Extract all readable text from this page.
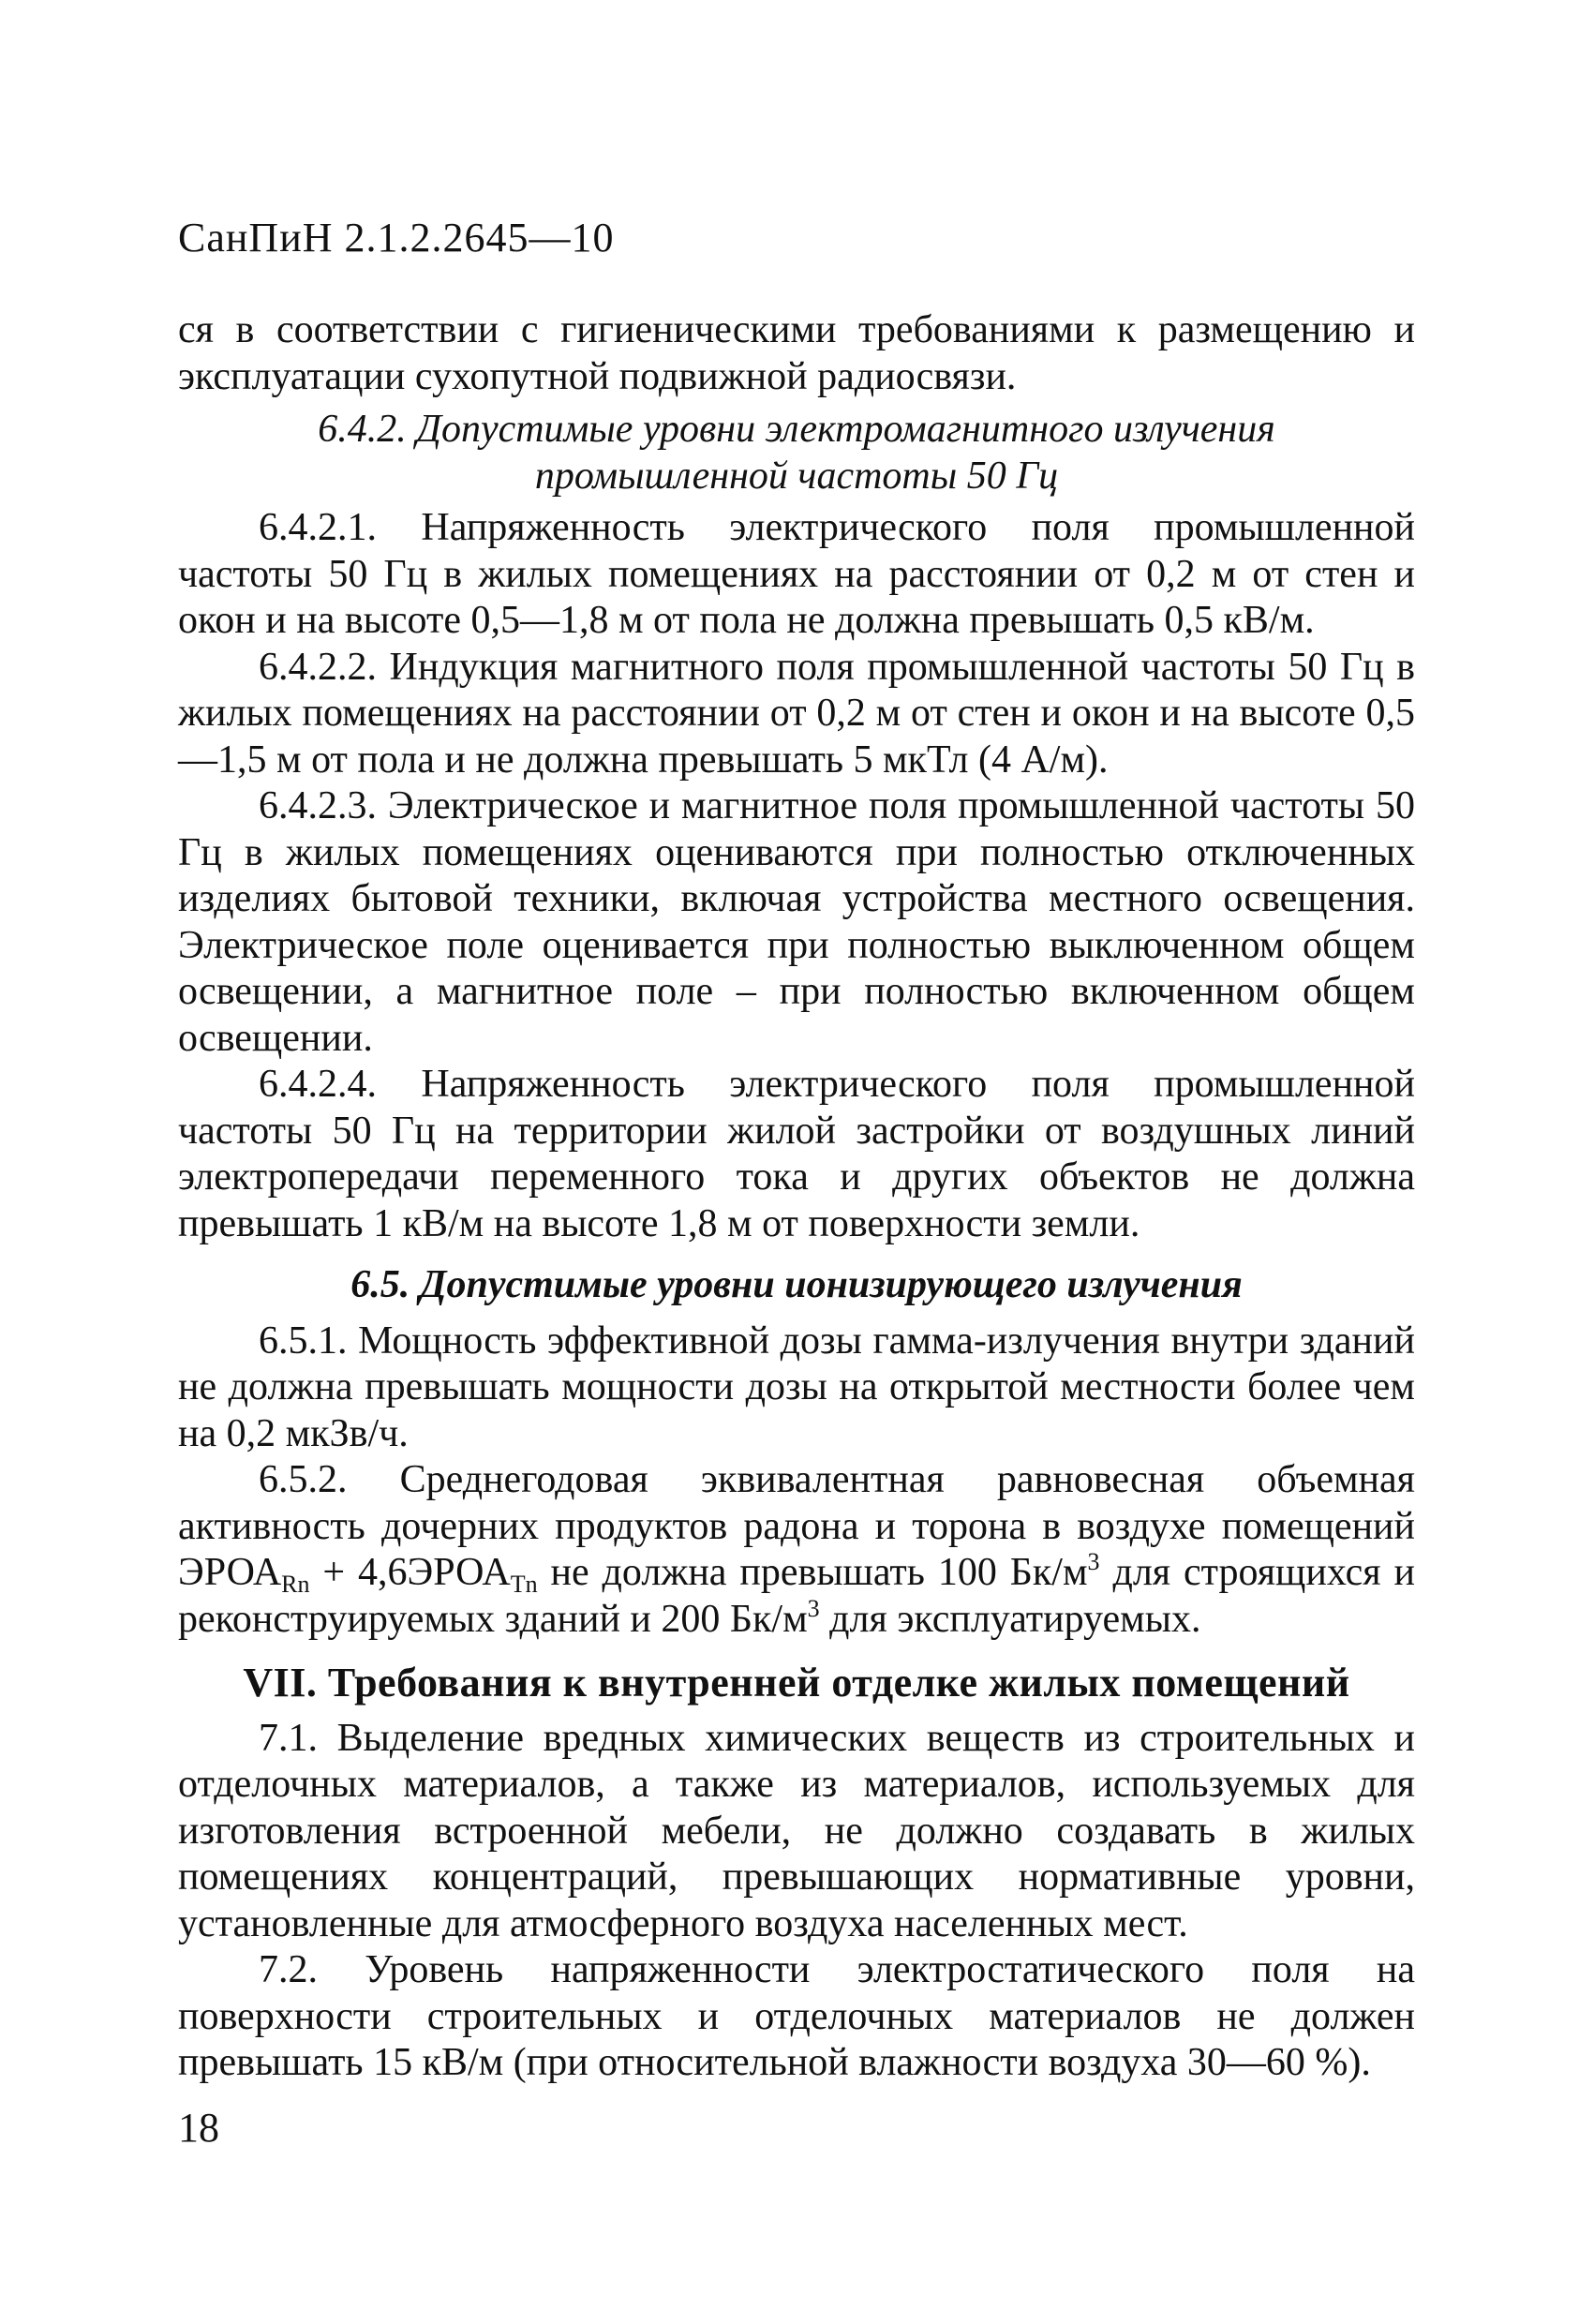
СанПиН 2.1.2.2645—10

ся в соответствии с гигиеническими требованиями к размещению и эксплуатации сухопутной подвижной радиосвязи.

6.4.2. Допустимые уровни электромагнитного излучения
промышленной частоты 50 Гц

6.4.2.1. Напряженность электрического поля промышленной частоты 50 Гц в жилых помещениях на расстоянии от 0,2 м от стен и окон и на высоте 0,5—1,8 м от пола не должна превышать 0,5 кВ/м.

6.4.2.2. Индукция магнитного поля промышленной частоты 50 Гц в жилых помещениях на расстоянии от 0,2 м от стен и окон и на высоте 0,5—1,5 м от пола и не должна превышать 5 мкТл (4 А/м).

6.4.2.3. Электрическое и магнитное поля промышленной частоты 50 Гц в жилых помещениях оцениваются при полностью отключенных изделиях бытовой техники, включая устройства местного освещения. Электрическое поле оценивается при полностью выключенном общем освещении, а магнитное поле – при полностью включенном общем освещении.

6.4.2.4. Напряженность электрического поля промышленной частоты 50 Гц на территории жилой застройки от воздушных линий электропередачи переменного тока и других объектов не должна превышать 1 кВ/м на высоте 1,8 м от поверхности земли.

6.5. Допустимые уровни ионизирующего излучения

6.5.1. Мощность эффективной дозы гамма-излучения внутри зданий не должна превышать мощности дозы на открытой местности более чем на 0,2 мкЗв/ч.

6.5.2. Среднегодовая эквивалентная равновесная объемная активность дочерних продуктов радона и торона в воздухе помещений $ЭРОА_{Rn}$ + $4,6ЭРОА_{Tn}$ не должна превышать 100 $Бк/м^3$ для строящихся и реконструируемых зданий и 200 $Бк/м^3$ для эксплуатируемых.

VII. Требования к внутренней отделке жилых помещений

7.1. Выделение вредных химических веществ из строительных и отделочных материалов, а также из материалов, используемых для изготовления встроенной мебели, не должно создавать в жилых помещениях концентраций, превышающих нормативные уровни, установленные для атмосферного воздуха населенных мест.

7.2. Уровень напряженности электростатического поля на поверхности строительных и отделочных материалов не должен превышать 15 кВ/м (при относительной влажности воздуха 30—60 %).

18
